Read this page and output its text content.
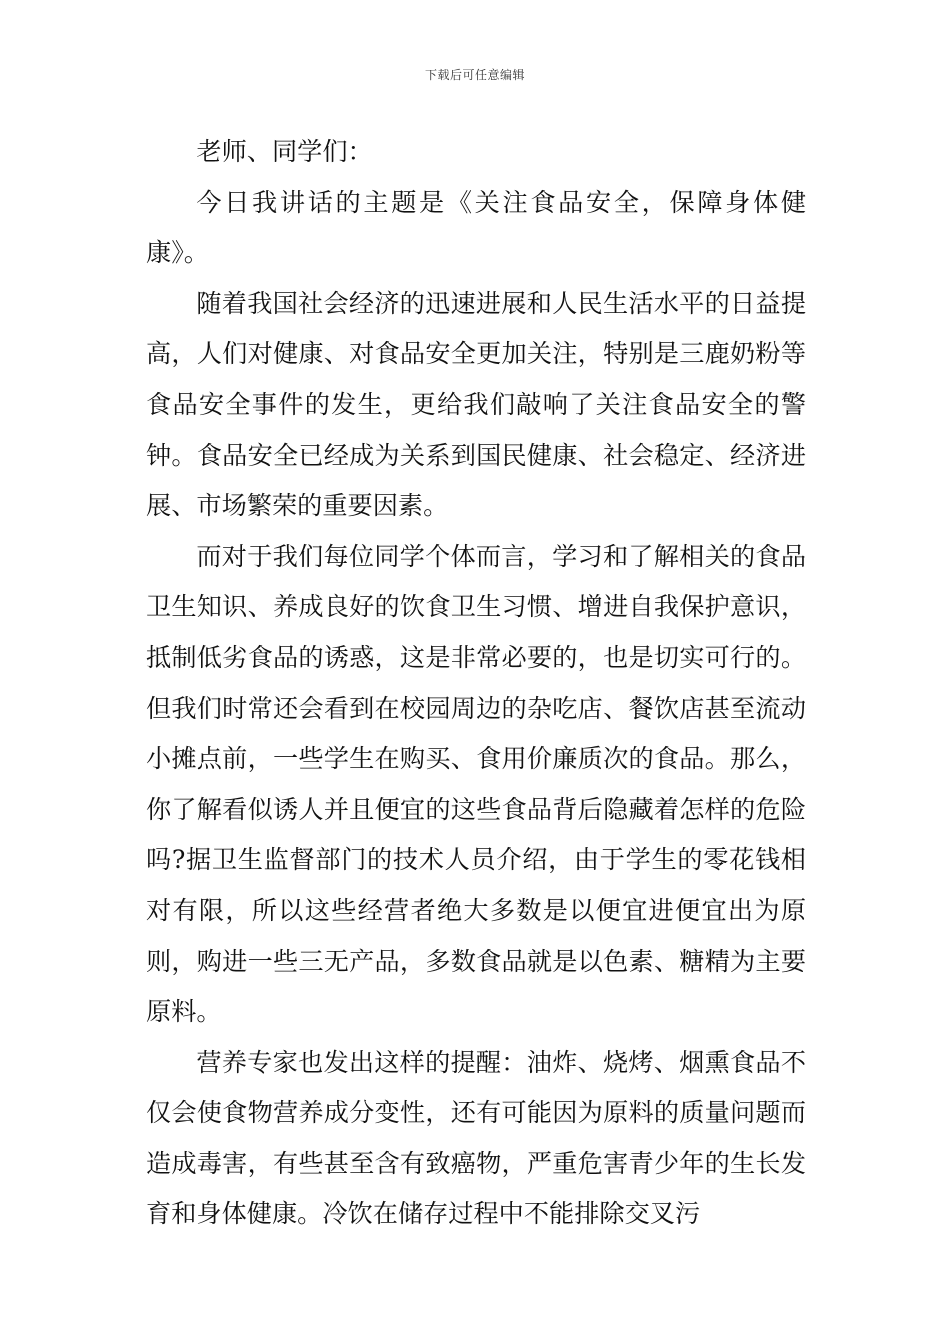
下载后可任意编辑

老师、同学们：

今日我讲话的主题是《关注食品安全，保障身体健康》。

随着我国社会经济的迅速进展和人民生活水平的日益提高，人们对健康、对食品安全更加关注，特别是三鹿奶粉等食品安全事件的发生，更给我们敲响了关注食品安全的警钟。食品安全已经成为关系到国民健康、社会稳定、经济进展、市场繁荣的重要因素。

而对于我们每位同学个体而言，学习和了解相关的食品卫生知识、养成良好的饮食卫生习惯、增进自我保护意识，抵制低劣食品的诱惑，这是非常必要的，也是切实可行的。但我们时常还会看到在校园周边的杂吃店、餐饮店甚至流动小摊点前，一些学生在购买、食用价廉质次的食品。那么，你了解看似诱人并且便宜的这些食品背后隐藏着怎样的危险吗?据卫生监督部门的技术人员介绍，由于学生的零花钱相对有限，所以这些经营者绝大多数是以便宜进便宜出为原则，购进一些三无产品，多数食品就是以色素、糖精为主要原料。

营养专家也发出这样的提醒：油炸、烧烤、烟熏食品不仅会使食物营养成分变性，还有可能因为原料的质量问题而造成毒害，有些甚至含有致癌物，严重危害青少年的生长发育和身体健康。冷饮在储存过程中不能排除交叉污
